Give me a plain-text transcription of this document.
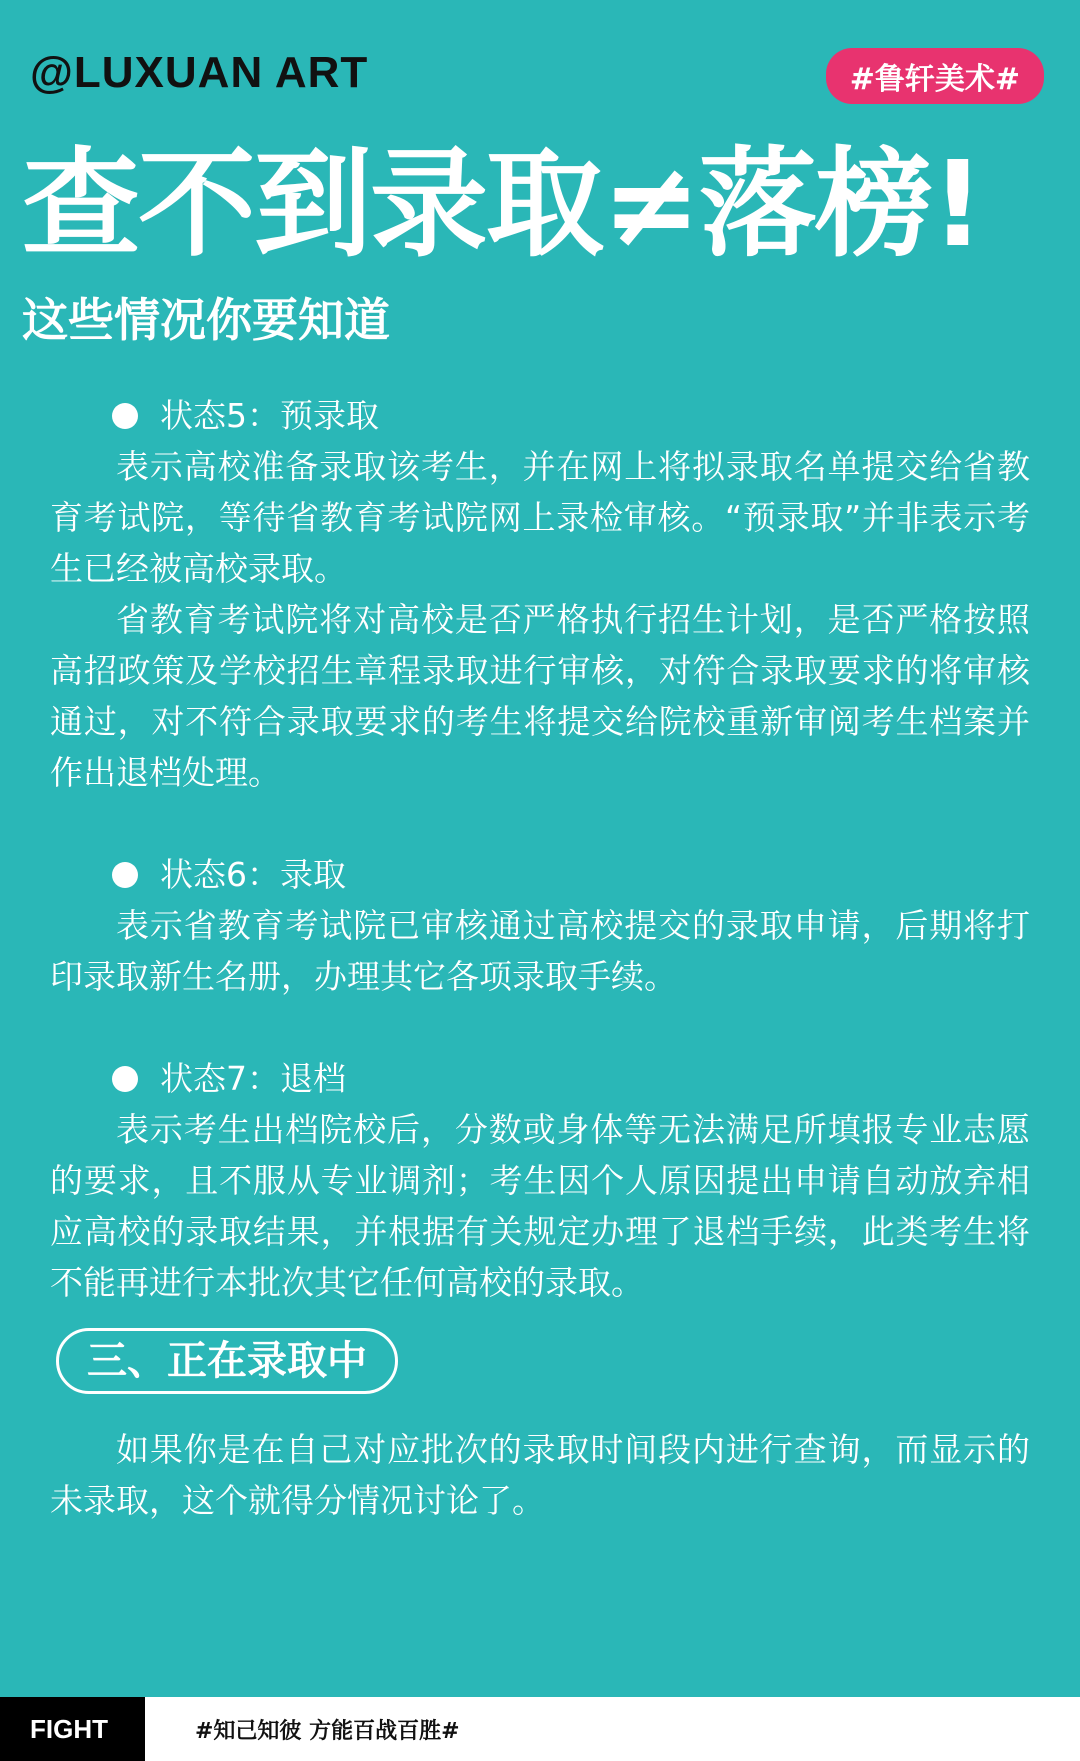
@LUXUAN ART	#鲁轩美术#
查不到录取≠落榜!
这些情况你要知道
状态5：预录取

表示高校准备录取该考生，并在网上将拟录取名单提交给省教育考试院，等待省教育考试院网上录检审核。“预录取”并非表示考生已经被高校录取。

省教育考试院将对高校是否严格执行招生计划，是否严格按照高招政策及学校招生章程录取进行审核，对符合录取要求的将审核通过，对不符合录取要求的考生将提交给院校重新审阅考生档案并作出退档处理。

状态6：录取

表示省教育考试院已审核通过高校提交的录取申请，后期将打印录取新生名册，办理其它各项录取手续。

状态7：退档

表示考生出档院校后，分数或身体等无法满足所填报专业志愿的要求，且不服从专业调剂；考生因个人原因提出申请自动放弃相应高校的录取结果，并根据有关规定办理了退档手续，此类考生将不能再进行本批次其它任何高校的录取。

三、正在录取中

如果你是在自己对应批次的录取时间段内进行查询，而显示的未录取，这个就得分情况讨论了。

FIGHT	#知己知彼 方能百战百胜#
